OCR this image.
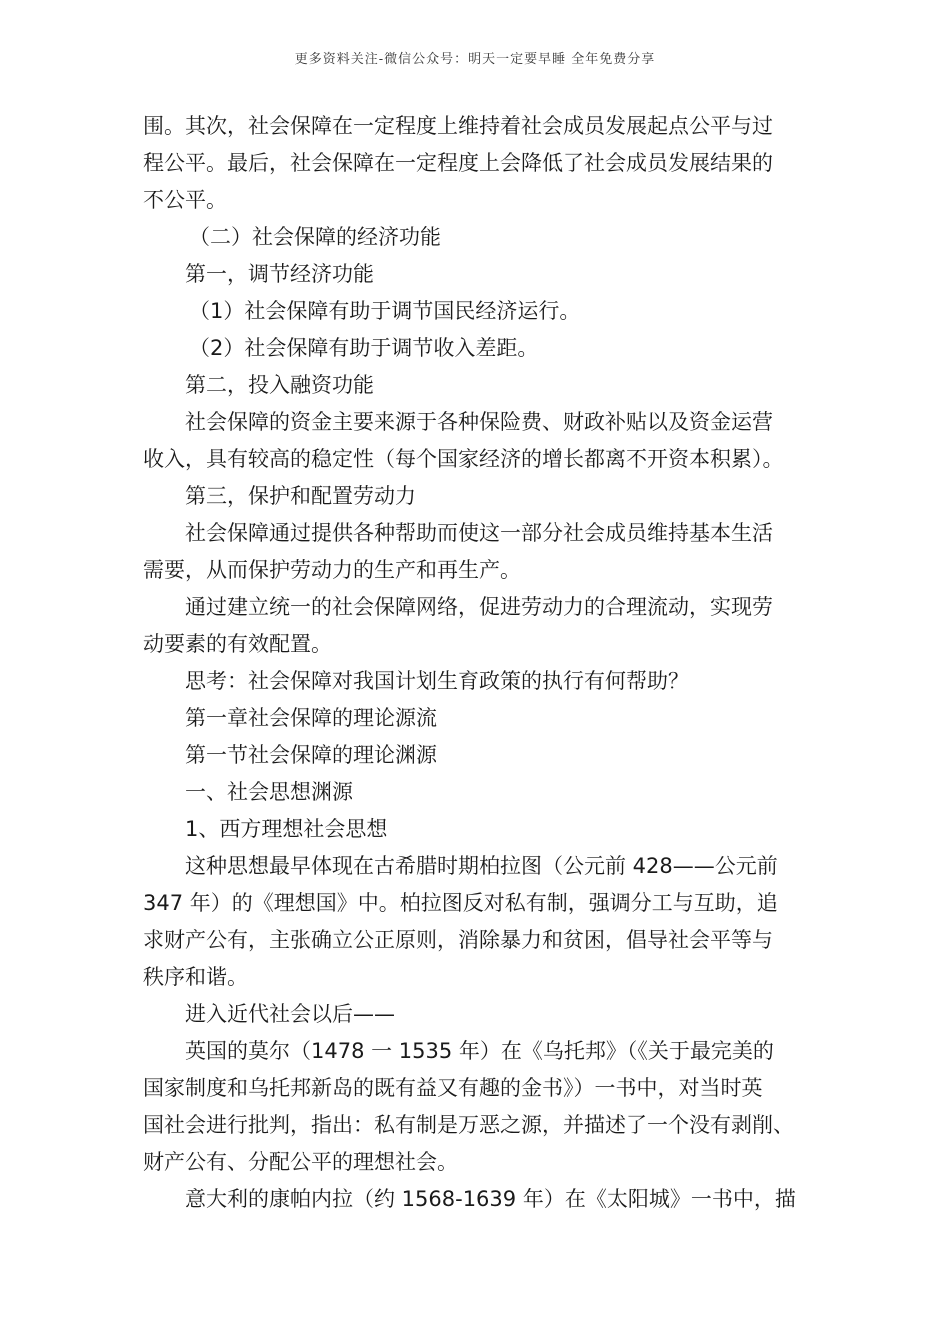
更多资料关注-微信公众号：明天一定要早睡 全年免费分享
围。其次，社会保障在一定程度上维持着社会成员发展起点公平与过
程公平。最后，社会保障在一定程度上会降低了社会成员发展结果的
不公平。
（二）社会保障的经济功能
第一，调节经济功能
（1）社会保障有助于调节国民经济运行。
（2）社会保障有助于调节收入差距。
第二，投入融资功能
社会保障的资金主要来源于各种保险费、财政补贴以及资金运营
收入，具有较高的稳定性（每个国家经济的增长都离不开资本积累）。
第三，保护和配置劳动力
社会保障通过提供各种帮助而使这一部分社会成员维持基本生活
需要，从而保护劳动力的生产和再生产。
通过建立统一的社会保障网络，促进劳动力的合理流动，实现劳
动要素的有效配置。
思考：社会保障对我国计划生育政策的执行有何帮助？
第一章社会保障的理论源流
第一节社会保障的理论渊源
一、社会思想渊源
1、西方理想社会思想
这种思想最早体现在古希腊时期柏拉图（公元前 428——公元前
347 年）的《理想国》中。柏拉图反对私有制，强调分工与互助，追
求财产公有，主张确立公正原则，消除暴力和贫困，倡导社会平等与
秩序和谐。
进入近代社会以后——
英国的莫尔（1478 一 1535 年）在《乌托邦》（《关于最完美的
国家制度和乌托邦新岛的既有益又有趣的金书》）一书中，对当时英
国社会进行批判，指出：私有制是万恶之源，并描述了一个没有剥削、
财产公有、分配公平的理想社会。
意大利的康帕内拉（约 1568-1639 年）在《太阳城》一书中，描
